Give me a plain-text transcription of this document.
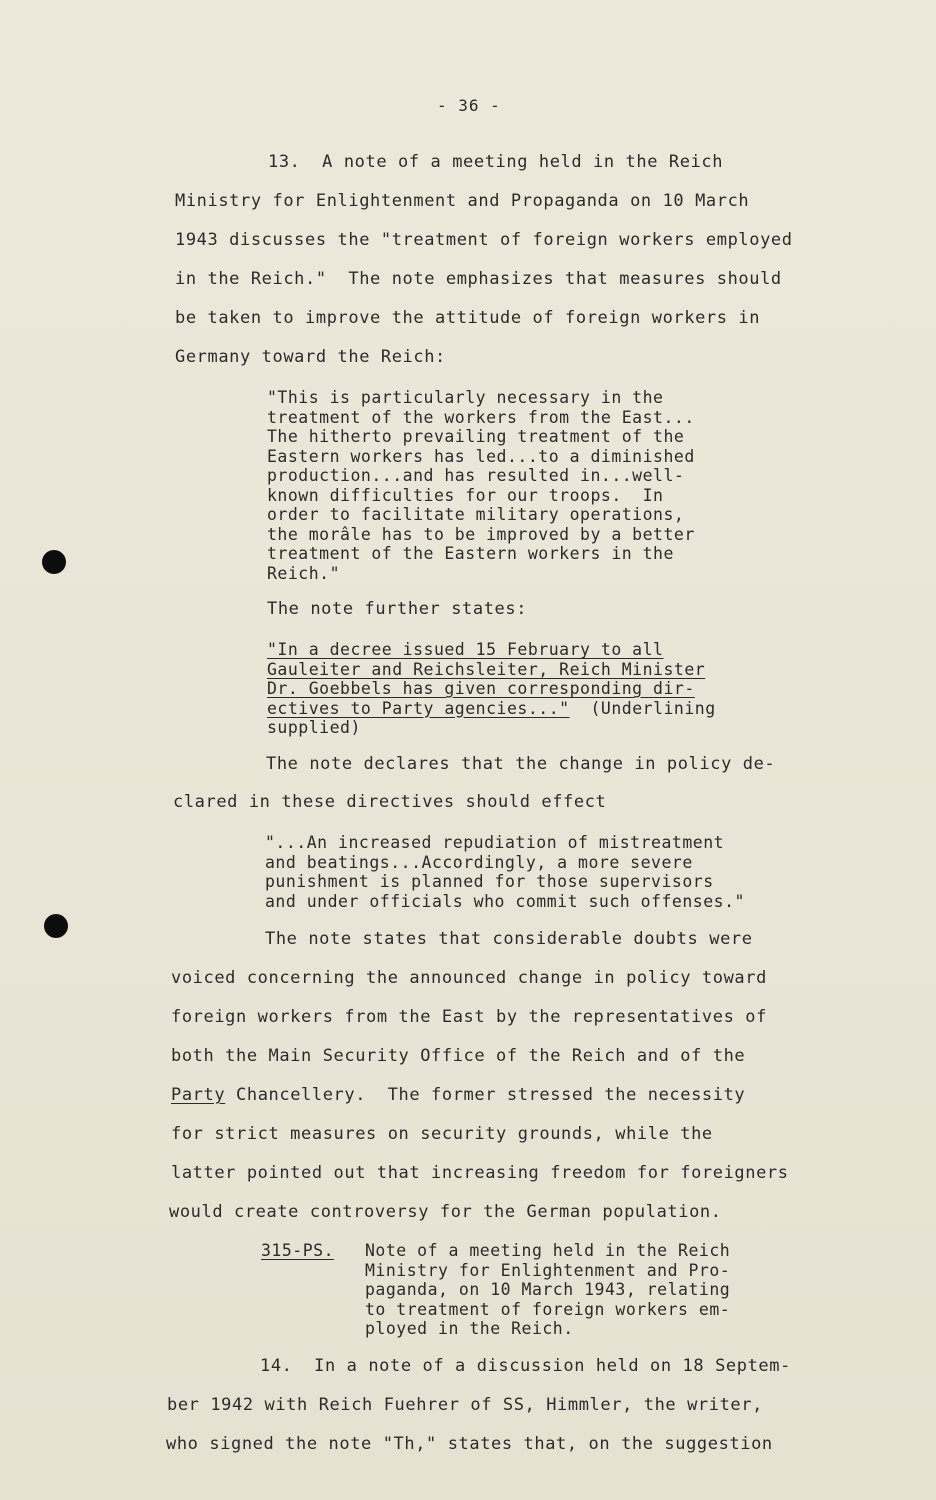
- 36 -
13.  A note of a meeting held in the Reich
Ministry for Enlightenment and Propaganda on 10 March
1943 discusses the "treatment of foreign workers employed
in the Reich."  The note emphasizes that measures should
be taken to improve the attitude of foreign workers in
Germany toward the Reich:
"This is particularly necessary in the
treatment of the workers from the East...
The hitherto prevailing treatment of the
Eastern workers has led...to a diminished
production...and has resulted in...well-
known difficulties for our troops.  In
order to facilitate military operations,
the morâle has to be improved by a better
treatment of the Eastern workers in the
Reich."
The note further states:
"In a decree issued 15 February to all
Gauleiter and Reichsleiter, Reich Minister
Dr. Goebbels has given corresponding dir-
ectives to Party agencies..."  (Underlining
supplied)
The note declares that the change in policy de-
clared in these directives should effect
"...An increased repudiation of mistreatment
and beatings...Accordingly, a more severe
punishment is planned for those supervisors
and under officials who commit such offenses."
The note states that considerable doubts were
voiced concerning the announced change in policy toward
foreign workers from the East by the representatives of
both the Main Security Office of the Reich and of the
Party Chancellery.  The former stressed the necessity
for strict measures on security grounds, while the
latter pointed out that increasing freedom for foreigners
would create controversy for the German population.
315-PS. Note of a meeting held in the Reich
Ministry for Enlightenment and Pro-
paganda, on 10 March 1943, relating
to treatment of foreign workers em-
ployed in the Reich.
14.  In a note of a discussion held on 18 Septem-
ber 1942 with Reich Fuehrer of SS, Himmler, the writer,
who signed the note "Th," states that, on the suggestion
